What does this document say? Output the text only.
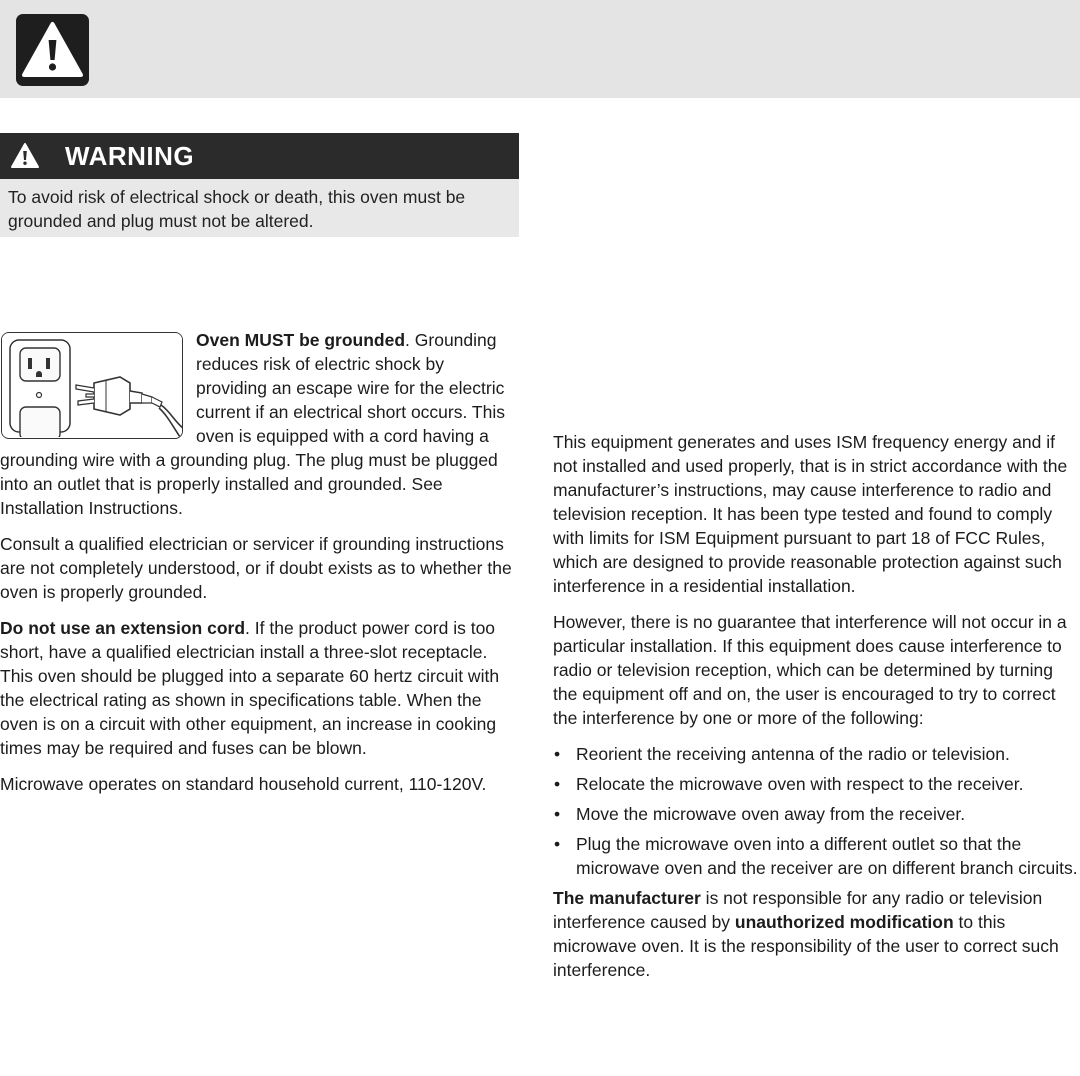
WARNING
To avoid risk of electrical shock or death, this oven must be grounded and plug must not be altered.

Oven MUST be grounded. Grounding reduces risk of electric shock by providing an escape wire for the electric current if an electrical short occurs. This oven is equipped with a cord having a grounding wire with a grounding plug. The plug must be plugged into an outlet that is properly installed and grounded. See Installation Instructions.

Consult a qualified electrician or servicer if grounding instructions are not completely understood, or if doubt exists as to whether the oven is properly grounded.

Do not use an extension cord. If the product power cord is too short, have a qualified electrician install a three-slot receptacle. This oven should be plugged into a separate 60 hertz circuit with the electrical rating as shown in specifications table. When the oven is on a circuit with other equipment, an increase in cooking times may be required and fuses can be blown.

Microwave operates on standard household current, 110-120V.

This equipment generates and uses ISM frequency energy and if not installed and used properly, that is in strict accordance with the manufacturer’s instructions, may cause interference to radio and television reception. It has been type tested and found to comply with limits for ISM Equipment pursuant to part 18 of FCC Rules, which are designed to provide reasonable protection against such interference in a residential installation.

However, there is no guarantee that interference will not occur in a particular installation. If this equipment does cause interference to radio or television reception, which can be determined by turning the equipment off and on, the user is encouraged to try to correct the interference by one or more of the following:

• Reorient the receiving antenna of the radio or television.
• Relocate the microwave oven with respect to the receiver.
• Move the microwave oven away from the receiver.
• Plug the microwave oven into a different outlet so that the microwave oven and the receiver are on different branch circuits.

The manufacturer is not responsible for any radio or television interference caused by unauthorized modification to this microwave oven. It is the responsibility of the user to correct such interference.
